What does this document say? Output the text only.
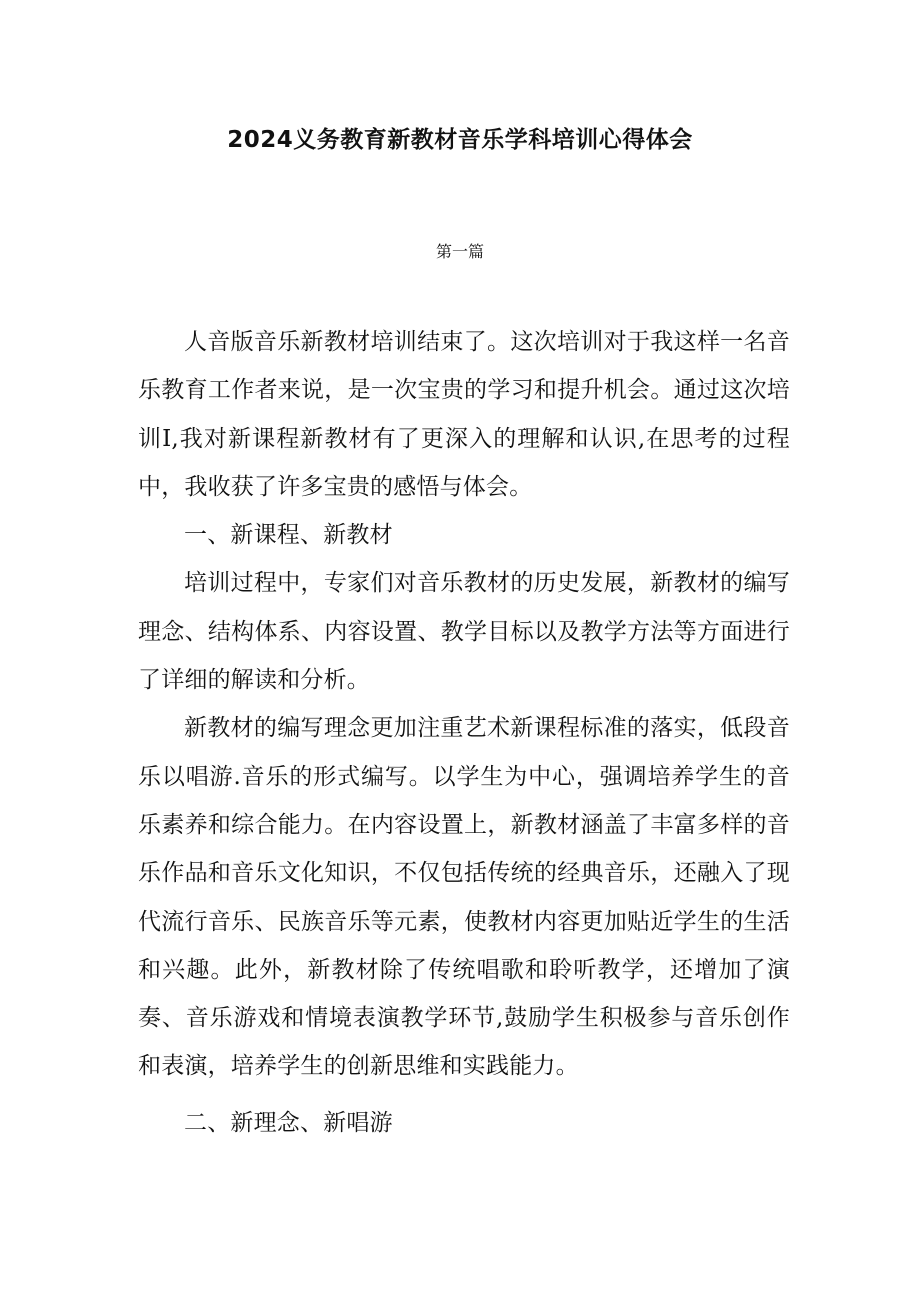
2024义务教育新教材音乐学科培训心得体会
第一篇

人音版音乐新教材培训结束了。这次培训对于我这样一名音乐教育工作者来说，是一次宝贵的学习和提升机会。通过这次培训I,我对新课程新教材有了更深入的理解和认识,在思考的过程中，我收获了许多宝贵的感悟与体会。

一、新课程、新教材

培训过程中，专家们对音乐教材的历史发展，新教材的编写理念、结构体系、内容设置、教学目标以及教学方法等方面进行了详细的解读和分析。

新教材的编写理念更加注重艺术新课程标准的落实，低段音乐以唱游.音乐的形式编写。以学生为中心，强调培养学生的音乐素养和综合能力。在内容设置上，新教材涵盖了丰富多样的音乐作品和音乐文化知识，不仅包括传统的经典音乐，还融入了现代流行音乐、民族音乐等元素，使教材内容更加贴近学生的生活和兴趣。此外，新教材除了传统唱歌和聆听教学，还增加了演奏、音乐游戏和情境表演教学环节,鼓励学生积极参与音乐创作和表演，培养学生的创新思维和实践能力。

二、新理念、新唱游
